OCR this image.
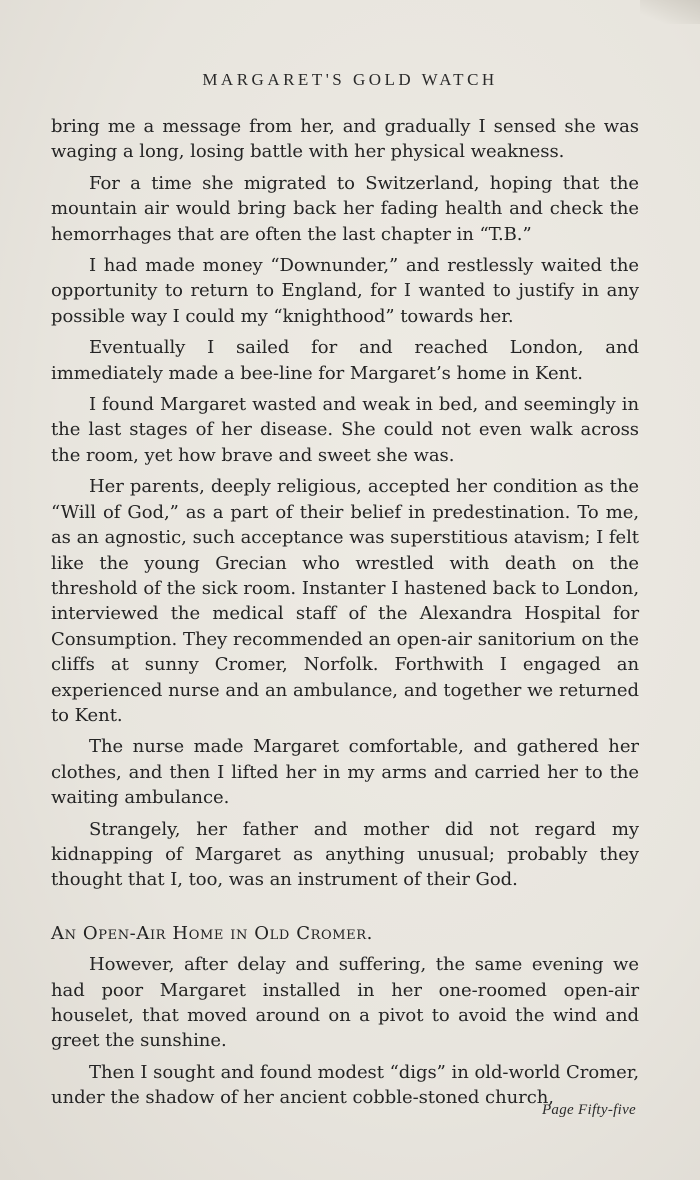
MARGARET'S GOLD WATCH

bring me a message from her, and gradually I sensed she was waging a long, losing battle with her physical weakness.

For a time she migrated to Switzerland, hoping that the mountain air would bring back her fading health and check the hemorrhages that are often the last chapter in “T.B.”

I had made money “Downunder,” and restlessly waited the opportunity to return to England, for I wanted to justify in any possible way I could my “knighthood” towards her.

Eventually I sailed for and reached London, and immediately made a bee-line for Margaret’s home in Kent.

I found Margaret wasted and weak in bed, and seemingly in the last stages of her disease. She could not even walk across the room, yet how brave and sweet she was.

Her parents, deeply religious, accepted her condition as the “Will of God,” as a part of their belief in predestination. To me, as an agnostic, such acceptance was superstitious atavism; I felt like the young Grecian who wrestled with death on the threshold of the sick room. Instanter I hastened back to London, interviewed the medical staff of the Alexandra Hospital for Consumption. They recommended an open-air sanitorium on the cliffs at sunny Cromer, Norfolk. Forthwith I engaged an experienced nurse and an ambulance, and together we returned to Kent.

The nurse made Margaret comfortable, and gathered her clothes, and then I lifted her in my arms and carried her to the waiting ambulance.

Strangely, her father and mother did not regard my kidnapping of Margaret as anything unusual; probably they thought that I, too, was an instrument of their God.

An Open-Air Home in Old Cromer.

However, after delay and suffering, the same evening we had poor Margaret installed in her one-roomed open-air houselet, that moved around on a pivot to avoid the wind and greet the sunshine.

Then I sought and found modest “digs” in old-world Cromer, under the shadow of her ancient cobble-stoned church,

Page Fifty-five
